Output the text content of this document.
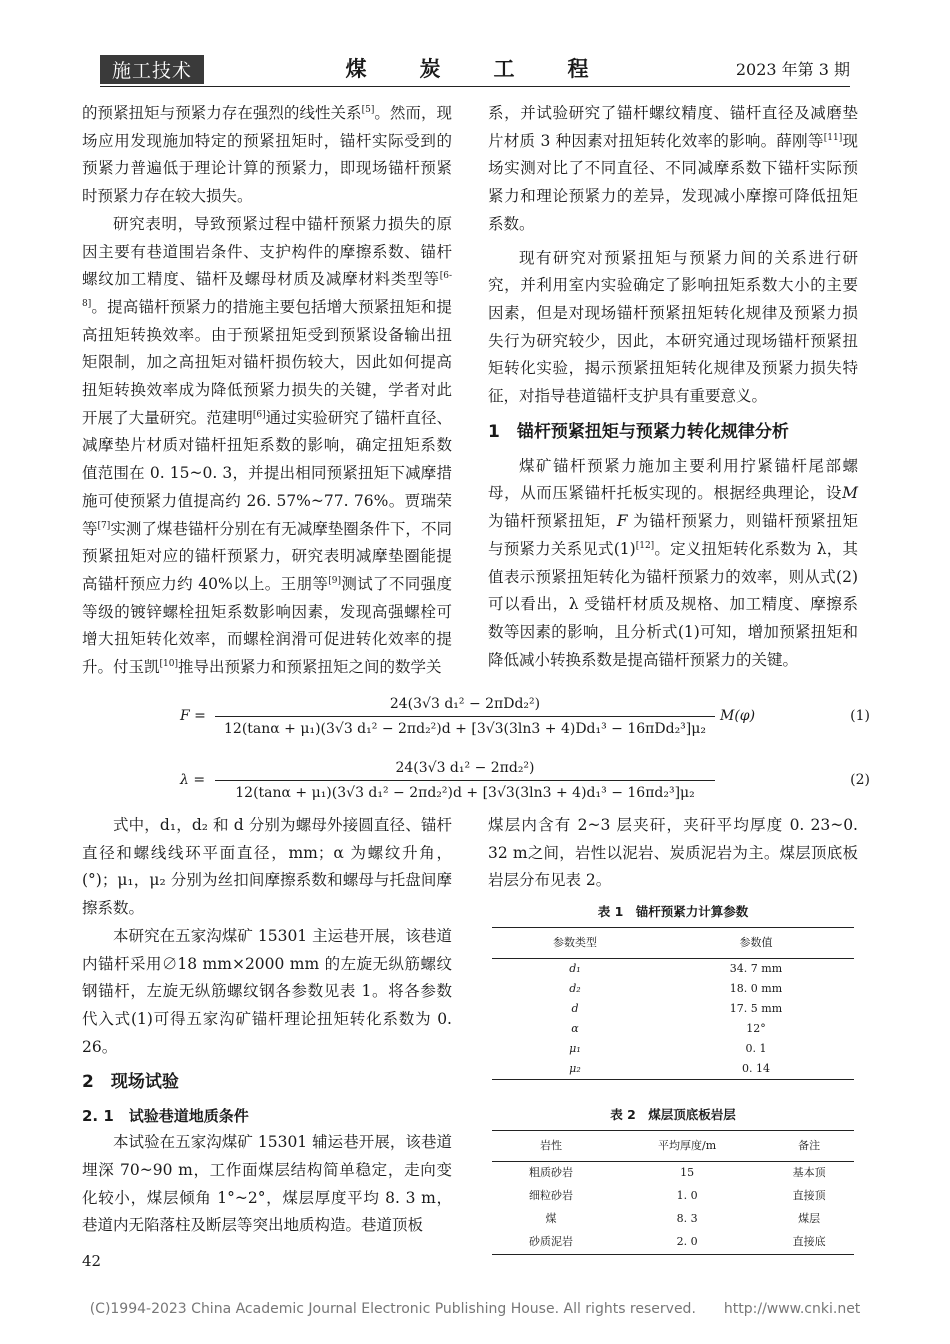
施工技术	煤　炭　工　程	2023 年第 3 期

的预紧扭矩与预紧力存在强烈的线性关系[5]。然而，现场应用发现施加特定的预紧扭矩时，锚杆实际受到的预紧力普遍低于理论计算的预紧力，即现场锚杆预紧时预紧力存在较大损失。

研究表明，导致预紧过程中锚杆预紧力损失的原因主要有巷道围岩条件、支护构件的摩擦系数、锚杆螺纹加工精度、锚杆及螺母材质及减摩材料类型等[6-8]。提高锚杆预紧力的措施主要包括增大预紧扭矩和提高扭矩转换效率。由于预紧扭矩受到预紧设备输出扭矩限制，加之高扭矩对锚杆损伤较大，因此如何提高扭矩转换效率成为降低预紧力损失的关键，学者对此开展了大量研究。范建明[6]通过实验研究了锚杆直径、减摩垫片材质对锚杆扭矩系数的影响，确定扭矩系数值范围在 0. 15~0. 3，并提出相同预紧扭矩下减摩措施可使预紧力值提高约 26. 57%~77. 76%。贾瑞荣等[7]实测了煤巷锚杆分别在有无减摩垫圈条件下，不同预紧扭矩对应的锚杆预紧力，研究表明减摩垫圈能提高锚杆预应力约 40%以上。王朋等[9]测试了不同强度等级的镀锌螺栓扭矩系数影响因素，发现高强螺栓可增大扭矩转化效率，而螺栓润滑可促进转化效率的提升。付玉凯[10]推导出预紧力和预紧扭矩之间的数学关

系，并试验研究了锚杆螺纹精度、锚杆直径及减磨垫片材质 3 种因素对扭矩转化效率的影响。薛刚等[11]现场实测对比了不同直径、不同减摩系数下锚杆实际预紧力和理论预紧力的差异，发现减小摩擦可降低扭矩系数。

现有研究对预紧扭矩与预紧力间的关系进行研究，并利用室内实验确定了影响扭矩系数大小的主要因素，但是对现场锚杆预紧扭矩转化规律及预紧力损失行为研究较少，因此，本研究通过现场锚杆预紧扭矩转化实验，揭示预紧扭矩转化规律及预紧力损失特征，对指导巷道锚杆支护具有重要意义。

1　锚杆预紧扭矩与预紧力转化规律分析

煤矿锚杆预紧力施加主要利用拧紧锚杆尾部螺母，从而压紧锚杆托板实现的。根据经典理论，设M 为锚杆预紧扭矩，F 为锚杆预紧力，则锚杆预紧扭矩与预紧力关系见式(1)[12]。定义扭矩转化系数为 λ，其值表示预紧扭矩转化为锚杆预紧力的效率，则从式(2)可以看出，λ 受锚杆材质及规格、加工精度、摩擦系数等因素的影响，且分析式(1)可知，增加预紧扭矩和降低减小转换系数是提高锚杆预紧力的关键。

F =
24(3√3 d₁² − 2πDd₂²)
12(tanα + μ₁)(3√3 d₁² − 2πd₂²)d + [3√3(3ln3 + 4)Dd₁³ − 16πDd₂³]μ₂
M(φ)	(1)
λ =
24(3√3 d₁² − 2πd₂²)
12(tanα + μ₁)(3√3 d₁² − 2πd₂²)d + [3√3(3ln3 + 4)d₁³ − 16πd₂³]μ₂
(2)

式中，d₁，d₂ 和 d 分别为螺母外接圆直径、锚杆直径和螺线线环平面直径，mm；α 为螺纹升角，(°)；μ₁，μ₂ 分别为丝扣间摩擦系数和螺母与托盘间摩擦系数。

本研究在五家沟煤矿 15301 主运巷开展，该巷道内锚杆采用∅18 mm×2000 mm 的左旋无纵筋螺纹钢锚杆，左旋无纵筋螺纹钢各参数见表 1。将各参数代入式(1)可得五家沟矿锚杆理论扭矩转化系数为 0. 26。

2　现场试验
2. 1　试验巷道地质条件

本试验在五家沟煤矿 15301 辅运巷开展，该巷道埋深 70~90 m，工作面煤层结构简单稳定，走向变化较小，煤层倾角 1°~2°，煤层厚度平均 8. 3 m，巷道内无陷落柱及断层等突出地质构造。巷道顶板

煤层内含有 2~3 层夹矸，夹矸平均厚度 0. 23~0. 32 m之间，岩性以泥岩、炭质泥岩为主。煤层顶底板岩层分布见表 2。

表 1　锚杆预紧力计算参数
参数类型	参数值
d₁	34. 7 mm
d₂	18. 0 mm
d	17. 5 mm
α	12°
μ₁	0. 1
μ₂	0. 14
表 2　煤层顶底板岩层
岩性	平均厚度/m	备注
粗质砂岩	15	基本顶
细粒砂岩	1. 0	直接顶
煤	8. 3	煤层
砂质泥岩	2. 0	直接底
42
(C)1994-2023 China Academic Journal Electronic Publishing House. All rights reserved.　　http://www.cnki.net
